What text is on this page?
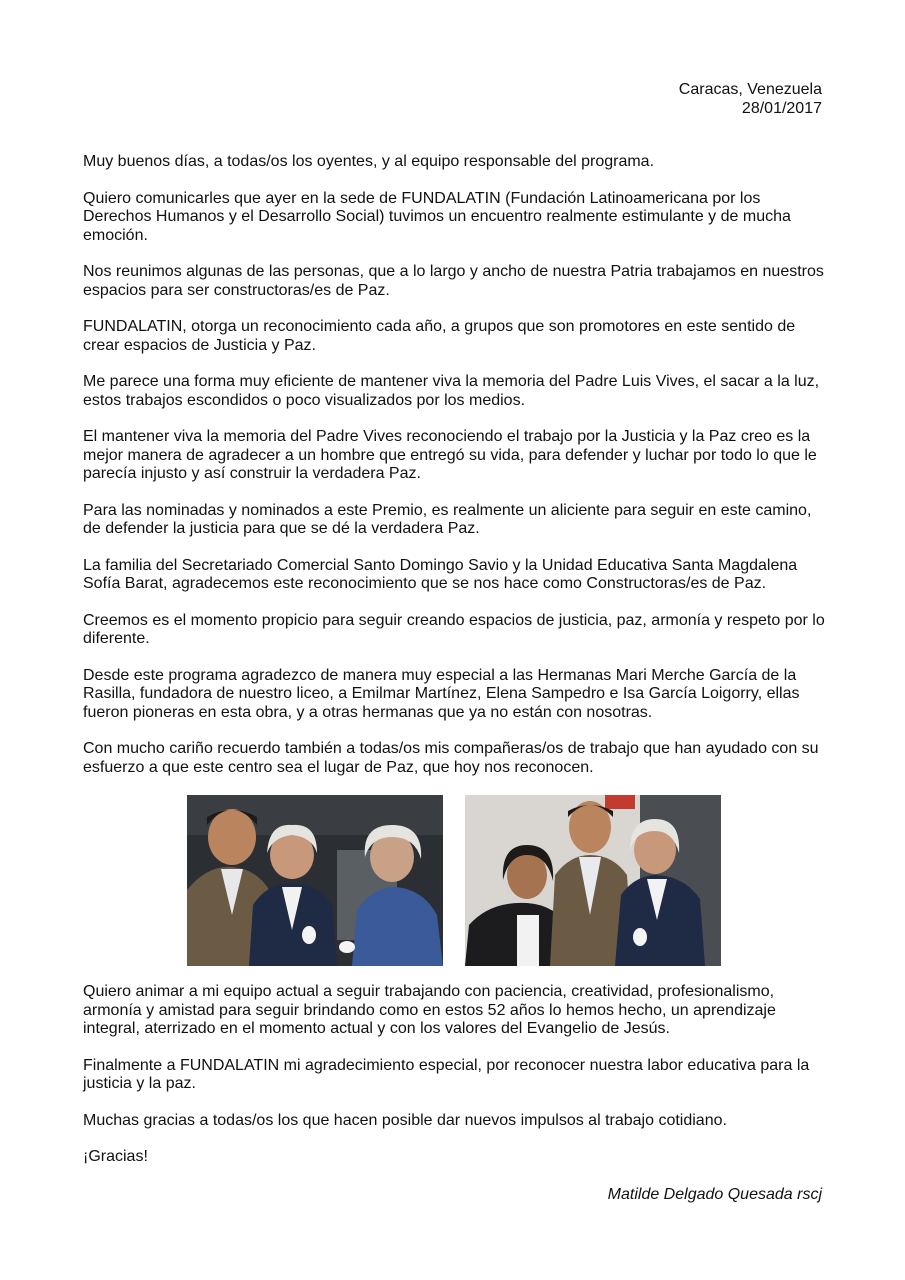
Caracas, Venezuela
28/01/2017

Muy buenos días, a todas/os los oyentes, y al equipo responsable del programa.

Quiero comunicarles que ayer en la sede de FUNDALATIN (Fundación Latinoamericana por los Derechos Humanos y el Desarrollo Social) tuvimos un encuentro realmente estimulante y de mucha emoción.

Nos reunimos algunas de las personas, que a lo largo y ancho de nuestra Patria trabajamos en nuestros espacios para ser constructoras/es de Paz.

FUNDALATIN, otorga un reconocimiento cada año, a grupos que son promotores en este sentido de crear espacios de Justicia y Paz.

Me parece una forma muy eficiente de mantener viva la memoria del Padre Luis Vives, el sacar a la luz, estos trabajos escondidos o poco visualizados por los medios.

El mantener viva la memoria del Padre Vives reconociendo el trabajo por la Justicia y la Paz creo es la mejor manera de agradecer a un hombre que entregó su vida, para defender y luchar por todo lo que le parecía injusto y así construir la verdadera Paz.

Para las nominadas y nominados a este Premio, es realmente un aliciente para seguir en este camino, de defender la justicia para que se dé la verdadera Paz.

La familia del Secretariado Comercial Santo Domingo Savio y la Unidad Educativa Santa Magdalena Sofía Barat, agradecemos este reconocimiento que se nos hace como Constructoras/es de Paz.

Creemos es el momento propicio para seguir creando espacios de justicia, paz, armonía y respeto por lo diferente.

Desde este programa agradezco de manera muy especial a las Hermanas Mari Merche García de la Rasilla, fundadora de nuestro liceo, a Emilmar Martínez, Elena Sampedro e Isa García Loigorry, ellas fueron pioneras en esta obra, y a otras hermanas que ya no están con nosotras.

Con mucho cariño recuerdo también a todas/os mis compañeras/os de trabajo que han ayudado con su esfuerzo a que este centro sea el lugar de Paz, que hoy nos reconocen.

Quiero animar a mi equipo actual a seguir trabajando con paciencia, creatividad, profesionalismo, armonía y amistad para seguir brindando como en estos 52 años lo hemos hecho, un aprendizaje integral, aterrizado en el momento actual y con los valores del Evangelio de Jesús.

Finalmente a FUNDALATIN mi agradecimiento especial, por reconocer nuestra labor educativa para la justicia y la paz.

Muchas gracias a todas/os los que hacen posible dar nuevos impulsos al trabajo cotidiano.

¡Gracias!

Matilde Delgado Quesada rscj
